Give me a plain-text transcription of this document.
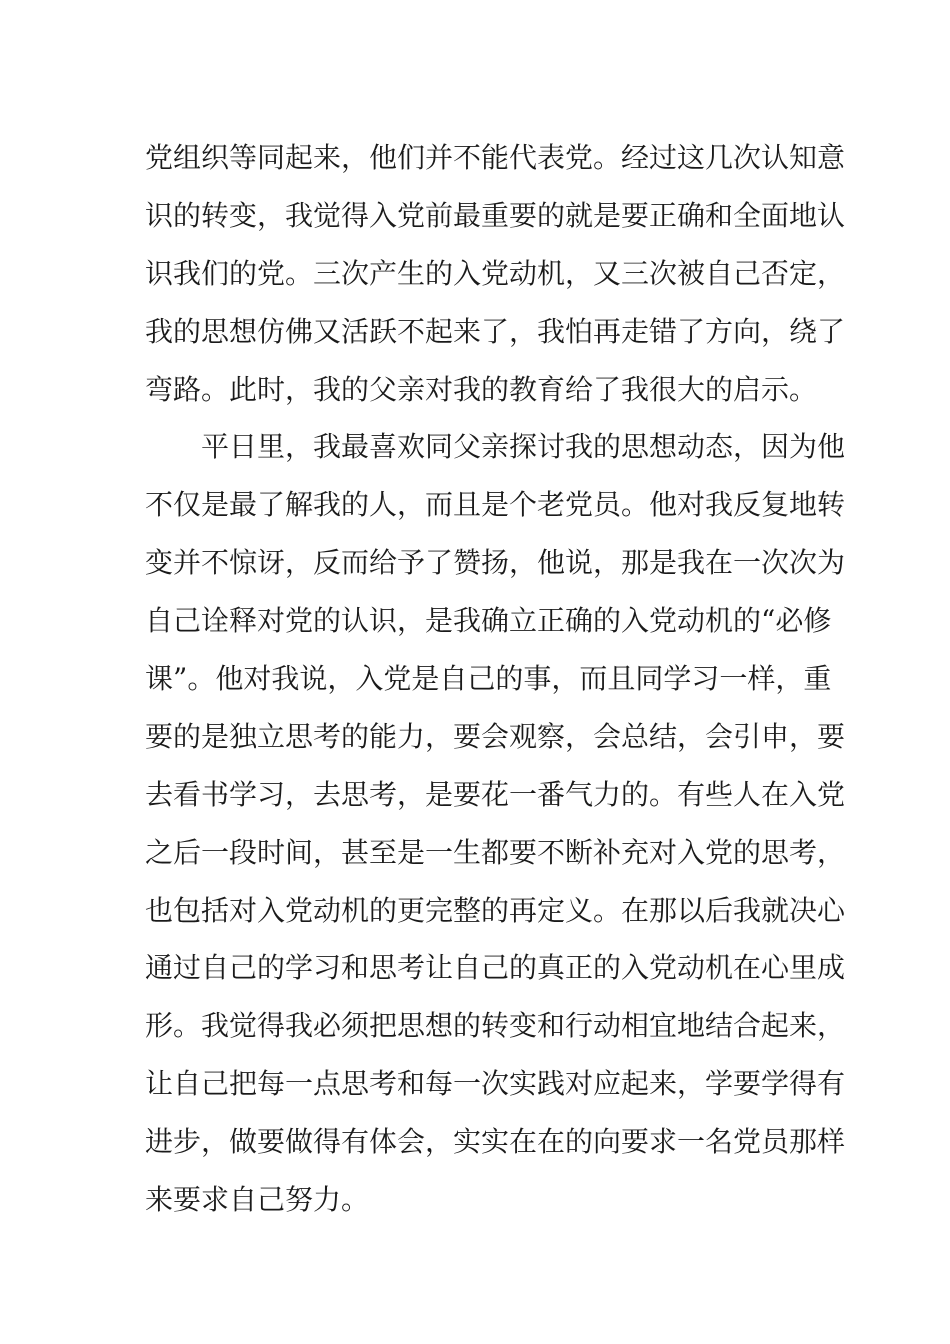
党组织等同起来，他们并不能代表党。经过这几次认知意
识的转变，我觉得入党前最重要的就是要正确和全面地认
识我们的党。三次产生的入党动机，又三次被自己否定，
我的思想仿佛又活跃不起来了，我怕再走错了方向，绕了
弯路。此时，我的父亲对我的教育给了我很大的启示。
平日里，我最喜欢同父亲探讨我的思想动态，因为他
不仅是最了解我的人，而且是个老党员。他对我反复地转
变并不惊讶，反而给予了赞扬，他说，那是我在一次次为
自己诠释对党的认识，是我确立正确的入党动机的“必修
课”。他对我说，入党是自己的事，而且同学习一样，重
要的是独立思考的能力，要会观察，会总结，会引申，要
去看书学习，去思考，是要花一番气力的。有些人在入党
之后一段时间，甚至是一生都要不断补充对入党的思考，
也包括对入党动机的更完整的再定义。在那以后我就决心
通过自己的学习和思考让自己的真正的入党动机在心里成
形。我觉得我必须把思想的转变和行动相宜地结合起来，
让自己把每一点思考和每一次实践对应起来，学要学得有
进步，做要做得有体会，实实在在的向要求一名党员那样
来要求自己努力。
